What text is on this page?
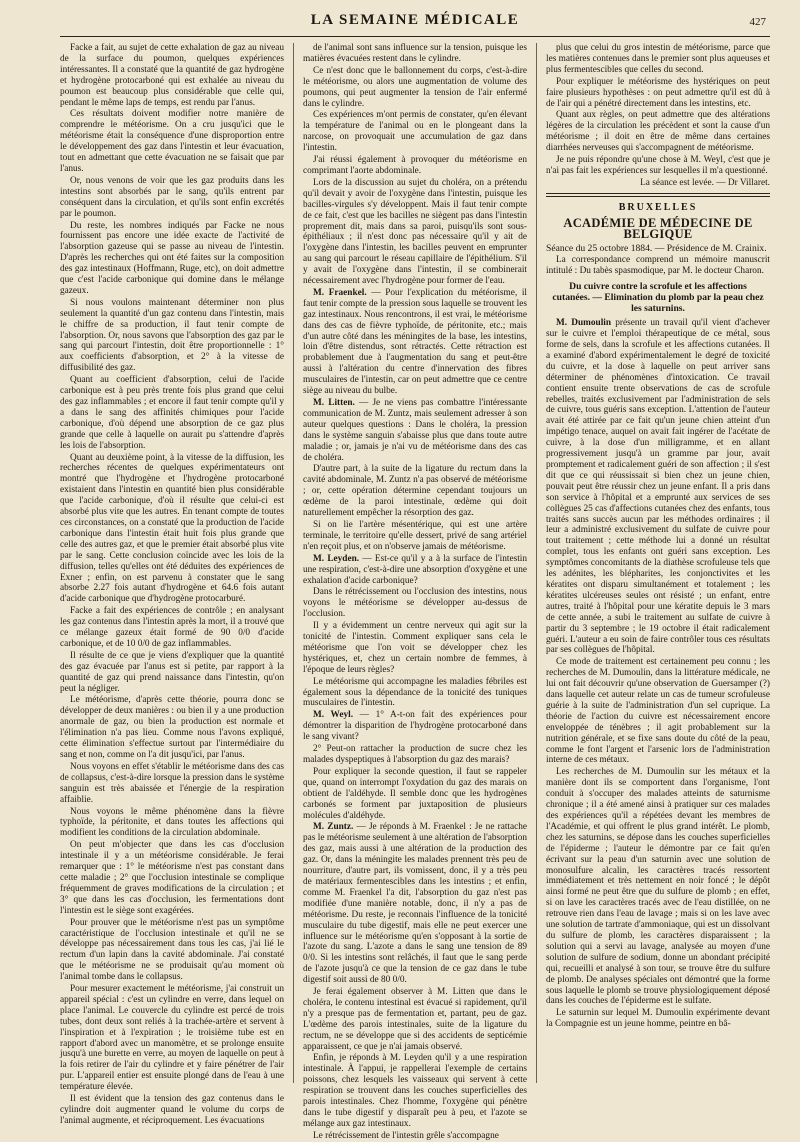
LA SEMAINE MÉDICALE	427

Facke a fait, au sujet de cette exhalation de gaz au niveau de la surface du poumon, quelques expériences intéressantes. Il a constaté que la quantité de gaz hydrogène et hydrogène protocarboné qui est exhalée au niveau du poumon est beaucoup plus considérable que celle qui, pendant le même laps de temps, est rendu par l'anus.

Ces résultats doivent modifier notre manière de comprendre le météorisme. On a cru jusqu'ici que le météorisme était la conséquence d'une disproportion entre le développement des gaz dans l'intestin et leur évacuation, tout en admettant que cette évacuation ne se faisait que par l'anus.

Or, nous venons de voir que les gaz produits dans les intestins sont absorbés par le sang, qu'ils entrent par conséquent dans la circulation, et qu'ils sont enfin excrétés par le poumon.

Du reste, les nombres indiqués par Facke ne nous fournissent pas encore une idée exacte de l'activité de l'absorption gazeuse qui se passe au niveau de l'intestin. D'après les recherches qui ont été faites sur la composition des gaz intestinaux (Hoffmann, Ruge, etc), on doit admettre que c'est l'acide carbonique qui domine dans le mélange gazeux.

Si nous voulons maintenant déterminer non plus seulement la quantité d'un gaz contenu dans l'intestin, mais le chiffre de sa production, il faut tenir compte de l'absorption. Or, nous savons que l'absorption des gaz par le sang qui parcourt l'intestin, doit être proportionnelle : 1° aux coefficients d'absorption, et 2° à la vitesse de diffusibilité des gaz.

Quant au coefficient d'absorption, celui de l'acide carbonique est à peu près trente fois plus grand que celui des gaz inflammables ; et encore il faut tenir compte qu'il y a dans le sang des affinités chimiques pour l'acide carbonique, d'où dépend une absorption de ce gaz plus grande que celle à laquelle on aurait pu s'attendre d'après les lois de l'absorption.

Quant au deuxième point, à la vitesse de la diffusion, les recherches récentes de quelques expérimentateurs ont montré que l'hydrogène et l'hydrogène protocarboné existaient dans l'intestin en quantité bien plus considérable que l'acide carbonique, d'où il résulte que celui-ci est absorbé plus vite que les autres. En tenant compte de toutes ces circonstances, on a constaté que la production de l'acide carbonique dans l'intestin était huit fois plus grande que celle des autres gaz, et que le premier était absorbé plus vite par le sang. Cette conclusion coïncide avec les lois de la diffusion, telles qu'elles ont été déduites des expériences de Exner ; enfin, on est parvenu à constater que le sang absorbe 2.27 fois autant d'hydrogène et 64.6 fois autant d'acide carbonique que d'hydrogène protocarburé.

Facke a fait des expériences de contrôle ; en analysant les gaz contenus dans l'intestin après la mort, il a trouvé que ce mélange gazeux était formé de 90 0/0 d'acide carbonique, et de 10 0/0 de gaz inflammables.

Il résulte de ce que je viens d'expliquer que la quantité des gaz évacuée par l'anus est si petite, par rapport à la quantité de gaz qui prend naissance dans l'intestin, qu'on peut la négliger.

Le météorisme, d'après cette théorie, pourra donc se développer de deux manières : ou bien il y a une production anormale de gaz, ou bien la production est normale et l'élimination n'a pas lieu. Comme nous l'avons expliqué, cette élimination s'effectue surtout par l'intermédiaire du sang et non, comme on l'a dit jusqu'ici, par l'anus.

Nous voyons en effet s'établir le météorisme dans des cas de collapsus, c'est-à-dire lorsque la pression dans le système sanguin est très abaissée et l'énergie de la respiration affaiblie.

Nous voyons le même phénomène dans la fièvre typhoïde, la péritonite, et dans toutes les affections qui modifient les conditions de la circulation abdominale.

On peut m'objecter que dans les cas d'occlusion intestinale il y a un météorisme considérable. Je ferai remarquer que : 1° le météorisme n'est pas constant dans cette maladie ; 2° que l'occlusion intestinale se complique fréquemment de graves modifications de la circulation ; et 3° que dans les cas d'occlusion, les fermentations dont l'intestin est le siège sont exagérées.

Pour prouver que le météorisme n'est pas un symptôme caractéristique de l'occlusion intestinale et qu'il ne se développe pas nécessairement dans tous les cas, j'ai lié le rectum d'un lapin dans la cavité abdominale. J'ai constaté que le météorisme ne se produisait qu'au moment où l'animal tombe dans le collapsus.

Pour mesurer exactement le météorisme, j'ai construit un appareil spécial : c'est un cylindre en verre, dans lequel on place l'animal. Le couvercle du cylindre est percé de trois tubes, dont deux sont reliés à la trachée-artère et servent à l'inspiration et à l'expiration ; le troisième tube est en rapport d'abord avec un manomètre, et se prolonge ensuite jusqu'à une burette en verre, au moyen de laquelle on peut à la fois retirer de l'air du cylindre et y faire pénétrer de l'air pur. L'appareil entier est ensuite plongé dans de l'eau à une température élevée.

Il est évident que la tension des gaz contenus dans le cylindre doit augmenter quand le volume du corps de l'animal augmente, et réciproquement. Les évacuations

de l'animal sont sans influence sur la tension, puisque les matières évacuées restent dans le cylindre.

Ce n'est donc que le ballonnement du corps, c'est-à-dire le météorisme, ou alors une augmentation de volume des poumons, qui peut augmenter la tension de l'air enfermé dans le cylindre.

Ces expériences m'ont permis de constater, qu'en élevant la température de l'animal ou en le plongeant dans la narcose, on provoquait une accumulation de gaz dans l'intestin.

J'ai réussi également à provoquer du météorisme en comprimant l'aorte abdominale.

Lors de la discussion au sujet du choléra, on a prétendu qu'il devait y avoir de l'oxygène dans l'intestin, puisque les bacilles-virgules s'y développent. Mais il faut tenir compte de ce fait, c'est que les bacilles ne siègent pas dans l'intestin proprement dit, mais dans sa paroi, puisqu'ils sont sous-épithéliaux ; il n'est donc pas nécessaire qu'il y ait de l'oxygène dans l'intestin, les bacilles peuvent en emprunter au sang qui parcourt le réseau capillaire de l'épithélium. S'il y avait de l'oxygène dans l'intestin, il se combinerait nécessairement avec l'hydrogène pour former de l'eau.

M. Fraenkel. — Pour l'explication du météorisme, il faut tenir compte de la pression sous laquelle se trouvent les gaz intestinaux. Nous rencontrons, il est vrai, le météorisme dans des cas de fièvre typhoïde, de péritonite, etc.; mais d'un autre côté dans les méningites de la base, les intestins, loin d'être distendus, sont rétractés. Cette rétraction est probablement due à l'augmentation du sang et peut-être aussi à l'altération du centre d'innervation des fibres musculaires de l'intestin, car on peut admettre que ce centre siège au niveau du bulbe.

M. Litten. — Je ne viens pas combattre l'intéressante communication de M. Zuntz, mais seulement adresser à son auteur quelques questions : Dans le choléra, la pression dans le système sanguin s'abaisse plus que dans toute autre maladie ; or, jamais je n'ai vu de météorisme dans des cas de choléra.

D'autre part, à la suite de la ligature du rectum dans la cavité abdominale, M. Zuntz n'a pas observé de météorisme ; or, cette opération détermine cependant toujours un œdème de la paroi intestinale, œdème qui doit naturellement empêcher la résorption des gaz.

Si on lie l'artère mésentérique, qui est une artère terminale, le territoire qu'elle dessert, privé de sang artériel n'en reçoit plus, et on n'observe jamais de météorisme.

M. Leyden. — Est-ce qu'il y a à la surface de l'intestin une respiration, c'est-à-dire une absorption d'oxygène et une exhalation d'acide carbonique?

Dans le rétrécissement ou l'occlusion des intestins, nous voyons le météorisme se développer au-dessus de l'occlusion.

Il y a évidemment un centre nerveux qui agit sur la tonicité de l'intestin. Comment expliquer sans cela le météorisme que l'on voit se développer chez les hystériques, et, chez un certain nombre de femmes, à l'époque de leurs règles?

Le météorisme qui accompagne les maladies fébriles est également sous la dépendance de la tonicité des tuniques musculaires de l'intestin.

M. Weyl. — 1° A-t-on fait des expériences pour démontrer la disparition de l'hydrogène protocarboné dans le sang vivant?

2° Peut-on rattacher la production de sucre chez les malades dyspeptiques à l'absorption du gaz des marais?

Pour expliquer la seconde question, il faut se rappeler que, quand on interrompt l'oxydation du gaz des marais on obtient de l'aldéhyde. Il semble donc que les hydrogènes carbonés se forment par juxtaposition de plusieurs molécules d'aldéhyde.

M. Zuntz. — Je réponds à M. Fraenkel : Je ne rattache pas le météorisme seulement à une altération de l'absorption des gaz, mais aussi à une altération de la production des gaz. Or, dans la méningite les malades prennent très peu de nourriture, d'autre part, ils vomissent, donc, il y a très peu de matériaux fermentescibles dans les intestins ; et enfin, comme M. Fraenkel l'a dit, l'absorption du gaz n'est pas modifiée d'une manière notable, donc, il n'y a pas de météorisme. Du reste, je reconnais l'influence de la tonicité musculaire du tube digestif, mais elle ne peut exercer une influence sur le météorisme qu'en s'opposant à la sortie de l'azote du sang. L'azote a dans le sang une tension de 89 0/0. Si les intestins sont relâchés, il faut que le sang perde de l'azote jusqu'à ce que la tension de ce gaz dans le tube digestif soit aussi de 80 0/0.

Je ferai également observer à M. Litten que dans le choléra, le contenu intestinal est évacué si rapidement, qu'il n'y a presque pas de fermentation et, partant, peu de gaz. L'œdème des parois intestinales, suite de la ligature du rectum, ne se développe que si des accidents de septicémie apparaissent, ce que je n'ai jamais observé.

Enfin, je réponds à M. Leyden qu'il y a une respiration intestinale. À l'appui, je rappellerai l'exemple de certains poissons, chez lesquels les vaisseaux qui servent à cette respiration se trouvent dans les couches superficielles des parois intestinales. Chez l'homme, l'oxygène qui pénètre dans le tube digestif y disparaît peu à peu, et l'azote se mélange aux gaz intestinaux.

Le rétrécissement de l'intestin grêle s'accompagne

plus que celui du gros intestin de météorisme, parce que les matières contenues dans le premier sont plus aqueuses et plus fermentescibles que celles du second.

Pour expliquer le météorisme des hystériques on peut faire plusieurs hypothèses : on peut admettre qu'il est dû à de l'air qui a pénétré directement dans les intestins, etc.

Quant aux règles, on peut admettre que des altérations légères de la circulation les précèdent et sont la cause d'un météorisme ; il doit en être de même dans certaines diarrhées nerveuses qui s'accompagnent de météorisme.

Je ne puis répondre qu'une chose à M. Weyl, c'est que je n'ai pas fait les expériences sur lesquelles il m'a questionné.

La séance est levée. — Dr Villaret.

BRUXELLES
ACADÉMIE DE MÉDECINE DE BELGIQUE

Séance du 25 octobre 1884. — Présidence de M. Crainix.

La correspondance comprend un mémoire manuscrit intitulé : Du tabès spasmodique, par M. le docteur Charon.

Du cuivre contre la scrofule et les affections cutanées. — Elimination du plomb par la peau chez les saturnins.

M. Dumoulin présente un travail qu'il vient d'achever sur le cuivre et l'emploi thérapeutique de ce métal, sous forme de sels, dans la scrofule et les affections cutanées. Il a examiné d'abord expérimentalement le degré de toxicité du cuivre, et la dose à laquelle on peut arriver sans déterminer de phénomènes d'intoxication. Ce travail contient ensuite trente observations de cas de scrofule rebelles, traités exclusivement par l'administration de sels de cuivre, tous guéris sans exception. L'attention de l'auteur avait été attirée par ce fait qu'un jeune chien atteint d'un impétigo tenace, auquel on avait fait ingérer de l'acétate de cuivre, à la dose d'un milligramme, et en allant progressivement jusqu'à un gramme par jour, avait promptement et radicalement guéri de son affection ; il s'est dit que ce qui réussissait si bien chez un jeune chien, pouvait peut être réussir chez un jeune enfant. Il a pris dans son service à l'hôpital et a emprunté aux services de ses collègues 25 cas d'affections cutanées chez des enfants, tous traités sans succès aucun par les méthodes ordinaires ; il leur a administré exclusivement du sulfate de cuivre pour tout traitement ; cette méthode lui a donné un résultat complet, tous les enfants ont guéri sans exception. Les symptômes concomitants de la diathèse scrofuleuse tels que les adénites, les blépharites, les conjonctivites et les kératites ont disparu simultanément et totalement ; les kératites ulcéreuses seules ont résisté ; un enfant, entre autres, traité à l'hôpital pour une kératite depuis le 3 mars de cette année, a subi le traitement au sulfate de cuivre à partir du 3 septembre ; le 19 octobre il était radicalement guéri. L'auteur a eu soin de faire contrôler tous ces résultats par ses collègues de l'hôpital.

Ce mode de traitement est certainement peu connu ; les recherches de M. Dumoulin, dans la littérature médicale, ne lui ont fait découvrir qu'une observation de Guersamper (?) dans laquelle cet auteur relate un cas de tumeur scrofuleuse guérie à la suite de l'administration d'un sel cuprique. La théorie de l'action du cuivre est nécessairement encore enveloppée de ténèbres ; il agit probablement sur la nutrition générale, et se fixe sans doute du côté de la peau, comme le font l'argent et l'arsenic lors de l'administration interne de ces métaux.

Les recherches de M. Dumoulin sur les métaux et la manière dont ils se comportent dans l'organisme, l'ont conduit à s'occuper des malades atteints de saturnisme chronique ; il a été amené ainsi à pratiquer sur ces malades des expériences qu'il a répétées devant les membres de l'Académie, et qui offrent le plus grand intérêt. Le plomb, chez les saturnins, se dépose dans les couches superficielles de l'épiderme ; l'auteur le démontre par ce fait qu'en écrivant sur la peau d'un saturnin avec une solution de monosulfure alcalin, les caractères tracés ressortent immédiatement et très nettement en noir foncé ; le dépôt ainsi formé ne peut être que du sulfure de plomb ; en effet, si on lave les caractères tracés avec de l'eau distillée, on ne retrouve rien dans l'eau de lavage ; mais si on les lave avec une solution de tartrate d'ammoniaque, qui est un dissolvant du sulfure de plomb, les caractères disparaissent ; la solution qui a servi au lavage, analysée au moyen d'une solution de sulfure de sodium, donne un abondant précipité qui, recueilli et analysé à son tour, se trouve être du sulfure de plomb. De analyses spéciales ont démontré que la forme sous laquelle le plomb se trouve physiologiquement déposé dans les couches de l'épiderme est le sulfate.

Le saturnin sur lequel M. Dumoulin expérimente devant la Compagnie est un jeune homme, peintre en bâ-
